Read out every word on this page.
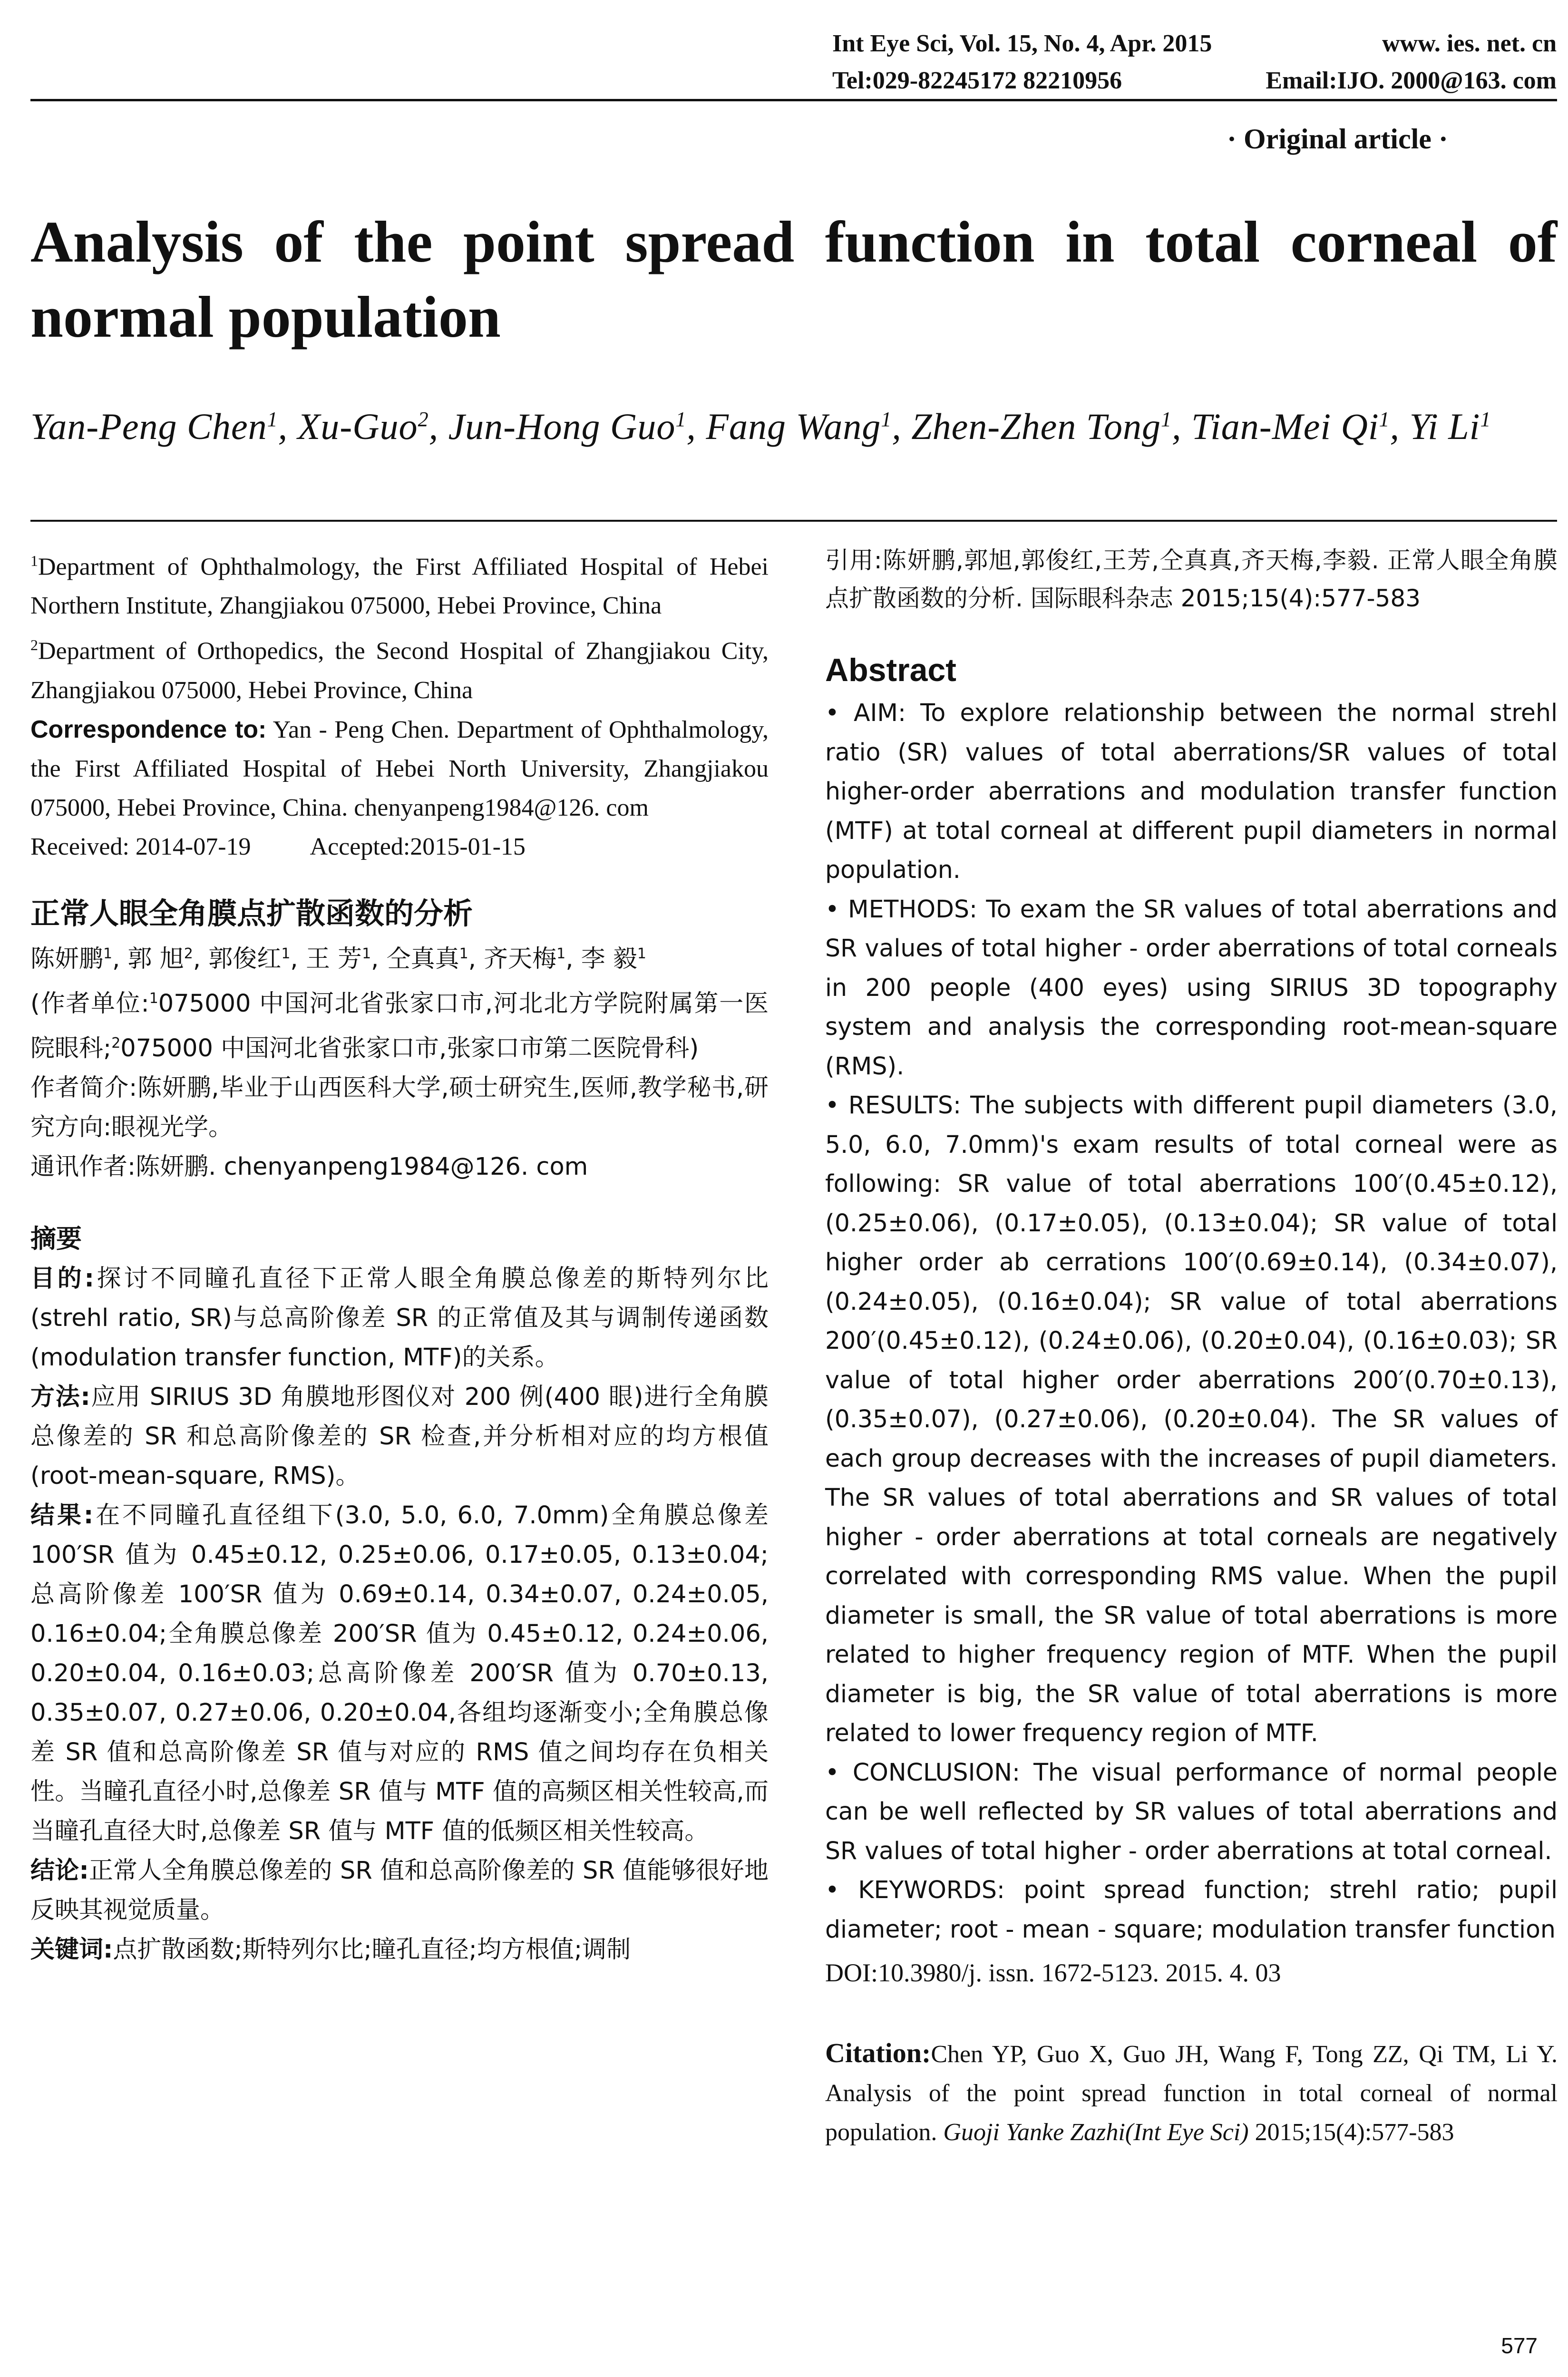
Int Eye Sci, Vol. 15, No. 4, Apr. 2015	www. ies. net. cn
Tel:029-82245172 82210956	Email:IJO. 2000@163. com
· Original article ·
Analysis of the point spread function in total corneal of normal population
Yan-Peng Chen$^1$, Xu-Guo$^2$, Jun-Hong Guo$^1$, Fang Wang$^1$, Zhen-Zhen Tong$^1$, Tian-Mei Qi$^1$, Yi Li$^1$

$^1$Department of Ophthalmology, the First Affiliated Hospital of Hebei Northern Institute, Zhangjiakou 075000, Hebei Province, China

$^2$Department of Orthopedics, the Second Hospital of Zhangjiakou City, Zhangjiakou 075000, Hebei Province, China

Correspondence to: Yan - Peng Chen. Department of Ophthalmology, the First Affiliated Hospital of Hebei North University, Zhangjiakou 075000, Hebei Province, China. chenyanpeng1984@126. com

Received: 2014-07-19 Accepted:2015-01-15

正常人眼全角膜点扩散函数的分析

陈妍鹏$^1$, 郭 旭$^2$, 郭俊红$^1$, 王 芳$^1$, 仝真真$^1$, 齐天梅$^1$, 李 毅$^1$

(作者单位:$^1$075000 中国河北省张家口市,河北北方学院附属第一医院眼科;$^2$075000 中国河北省张家口市,张家口市第二医院骨科)

作者简介:陈妍鹏,毕业于山西医科大学,硕士研究生,医师,教学秘书,研究方向:眼视光学。

通讯作者:陈妍鹏. chenyanpeng1984@126. com

摘要

目的:探讨不同瞳孔直径下正常人眼全角膜总像差的斯特列尔比(strehl ratio, SR)与总高阶像差 SR 的正常值及其与调制传递函数(modulation transfer function, MTF)的关系。

方法:应用 SIRIUS 3D 角膜地形图仪对 200 例(400 眼)进行全角膜总像差的 SR 和总高阶像差的 SR 检查,并分析相对应的均方根值(root-mean-square, RMS)。

结果:在不同瞳孔直径组下(3.0, 5.0, 6.0, 7.0mm)全角膜总像差 100′SR 值为 0.45±0.12, 0.25±0.06, 0.17±0.05, 0.13±0.04;总高阶像差 100′SR 值为 0.69±0.14, 0.34±0.07, 0.24±0.05, 0.16±0.04;全角膜总像差 200′SR 值为 0.45±0.12, 0.24±0.06, 0.20±0.04, 0.16±0.03;总高阶像差 200′SR 值为 0.70±0.13, 0.35±0.07, 0.27±0.06, 0.20±0.04,各组均逐渐变小;全角膜总像差 SR 值和总高阶像差 SR 值与对应的 RMS 值之间均存在负相关性。当瞳孔直径小时,总像差 SR 值与 MTF 值的高频区相关性较高,而当瞳孔直径大时,总像差 SR 值与 MTF 值的低频区相关性较高。

结论:正常人全角膜总像差的 SR 值和总高阶像差的 SR 值能够很好地反映其视觉质量。

关键词:点扩散函数;斯特列尔比;瞳孔直径;均方根值;调制

引用:陈妍鹏,郭旭,郭俊红,王芳,仝真真,齐天梅,李毅. 正常人眼全角膜点扩散函数的分析. 国际眼科杂志 2015;15(4):577-583

Abstract

• AIM: To explore relationship between the normal strehl ratio (SR) values of total aberrations/SR values of total higher-order aberrations and modulation transfer function (MTF) at total corneal at different pupil diameters in normal population.

• METHODS: To exam the SR values of total aberrations and SR values of total higher - order aberrations of total corneals in 200 people (400 eyes) using SIRIUS 3D topography system and analysis the corresponding root-mean-square (RMS).

• RESULTS: The subjects with different pupil diameters (3.0, 5.0, 6.0, 7.0mm)'s exam results of total corneal were as following: SR value of total aberrations 100′(0.45±0.12), (0.25±0.06), (0.17±0.05), (0.13±0.04); SR value of total higher order ab cerrations 100′(0.69±0.14), (0.34±0.07), (0.24±0.05), (0.16±0.04); SR value of total aberrations 200′(0.45±0.12), (0.24±0.06), (0.20±0.04), (0.16±0.03); SR value of total higher order aberrations 200′(0.70±0.13), (0.35±0.07), (0.27±0.06), (0.20±0.04). The SR values of each group decreases with the increases of pupil diameters. The SR values of total aberrations and SR values of total higher - order aberrations at total corneals are negatively correlated with corresponding RMS value. When the pupil diameter is small, the SR value of total aberrations is more related to higher frequency region of MTF. When the pupil diameter is big, the SR value of total aberrations is more related to lower frequency region of MTF.

• CONCLUSION: The visual performance of normal people can be well reflected by SR values of total aberrations and SR values of total higher - order aberrations at total corneal.

• KEYWORDS: point spread function; strehl ratio; pupil diameter; root - mean - square; modulation transfer function

DOI:10.3980/j. issn. 1672-5123. 2015. 4. 03

Citation:Chen YP, Guo X, Guo JH, Wang F, Tong ZZ, Qi TM, Li Y. Analysis of the point spread function in total corneal of normal population. Guoji Yanke Zazhi(Int Eye Sci) 2015;15(4):577-583

577
